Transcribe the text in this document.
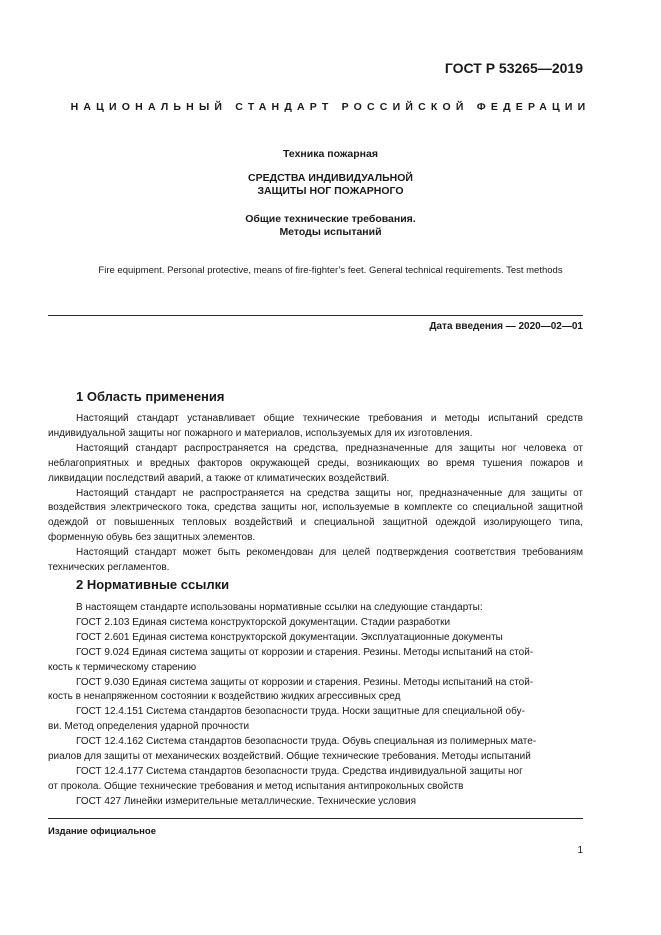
ГОСТ Р 53265—2019
НАЦИОНАЛЬНЫЙ СТАНДАРТ РОССИЙСКОЙ ФЕДЕРАЦИИ
Техника пожарная
СРЕДСТВА ИНДИВИДУАЛЬНОЙ
ЗАЩИТЫ НОГ ПОЖАРНОГО
Общие технические требования.
Методы испытаний
Fire equipment. Personal protective, means of fire-fighter’s feet. General technical requirements. Test methods
Дата введения — 2020—02—01
1 Область применения

Настоящий стандарт устанавливает общие технические требования и методы испытаний средств индивидуальной защиты ног пожарного и материалов, используемых для их изготовления.

Настоящий стандарт распространяется на средства, предназначенные для защиты ног человека от неблагоприятных и вредных факторов окружающей среды, возникающих во время тушения пожаров и ликвидации последствий аварий, а также от климатических воздействий.

Настоящий стандарт не распространяется на средства защиты ног, предназначенные для защиты от воздействия электрического тока, средства защиты ног, используемые в комплекте со специальной защитной одеждой от повышенных тепловых воздействий и специальной защитной одеждой изолирующего типа, форменную обувь без защитных элементов.

Настоящий стандарт может быть рекомендован для целей подтверждения соответствия требованиям технических регламентов.

2 Нормативные ссылки
В настоящем стандарте использованы нормативные ссылки на следующие стандарты:
ГОСТ 2.103 Единая система конструкторской документации. Стадии разработки
ГОСТ 2.601 Единая система конструкторской документации. Эксплуатационные документы
ГОСТ 9.024 Единая система защиты от коррозии и старения. Резины. Методы испытаний на стой-
кость к термическому старению
ГОСТ 9.030 Единая система защиты от коррозии и старения. Резины. Методы испытаний на стой-
кость в ненапряженном состоянии к воздействию жидких агрессивных сред
ГОСТ 12.4.151 Система стандартов безопасности труда. Носки защитные для специальной обу-
ви. Метод определения ударной прочности
ГОСТ 12.4.162 Система стандартов безопасности труда. Обувь специальная из полимерных мате-
риалов для защиты от механических воздействий. Общие технические требования. Методы испытаний
ГОСТ 12.4.177 Система стандартов безопасности труда. Средства индивидуальной защиты ног
от прокола. Общие технические требования и метод испытания антипрокольных свойств
ГОСТ 427 Линейки измерительные металлические. Технические условия
Издание официальное
1
